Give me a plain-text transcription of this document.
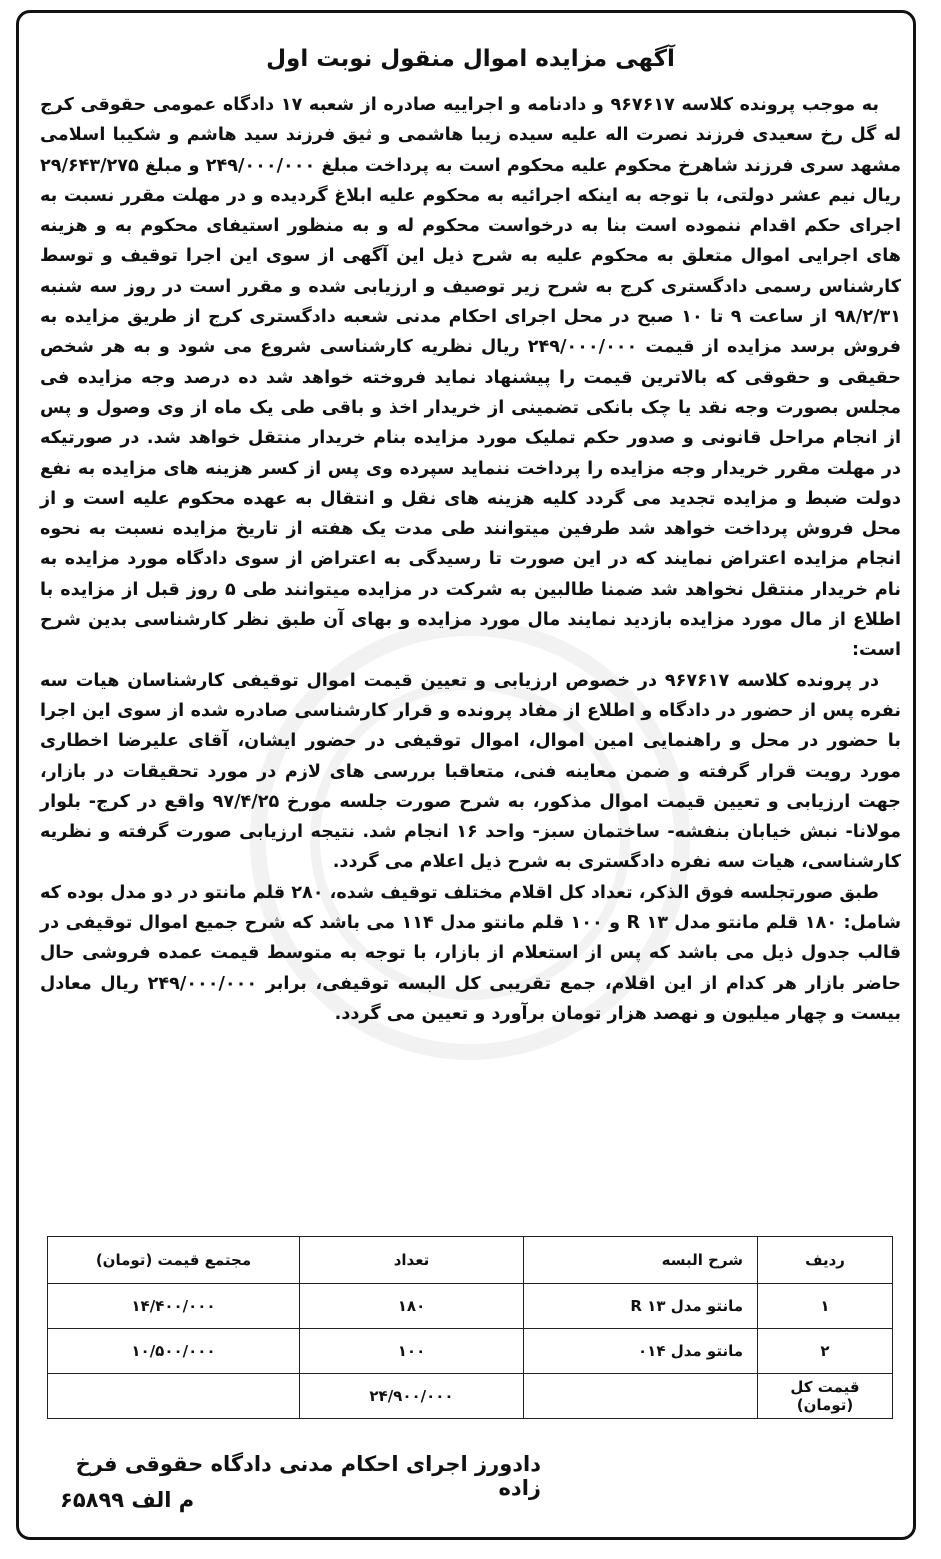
آگهی مزایده اموال منقول نوبت اول

به موجب پرونده کلاسه ۹۶۷۶۱۷ و دادنامه و اجراییه صادره از شعبه ۱۷ دادگاه عمومی حقوقی کرج له گل رخ سعیدی فرزند نصرت اله علیه سیده زیبا هاشمی و ثیق فرزند سید هاشم و شکیبا اسلامی مشهد سری فرزند شاهرخ محکوم علیه محکوم است به پرداخت مبلغ ۲۴۹/۰۰۰/۰۰۰ و مبلغ ۲۹/۶۴۳/۲۷۵ ریال نیم عشر دولتی، با توجه به اینکه اجرائیه به محکوم علیه ابلاغ گردیده و در مهلت مقرر نسبت به اجرای حکم اقدام ننموده است بنا به درخواست محکوم له و به منظور استیفای محکوم به و هزینه های اجرایی اموال متعلق به محکوم علیه به شرح ذیل این آگهی از سوی این اجرا توقیف و توسط کارشناس رسمی دادگستری کرج به شرح زیر توصیف و ارزیابی شده و مقرر است در روز سه شنبه ۹۸/۲/۳۱ از ساعت ۹ تا ۱۰ صبح در محل اجرای احکام مدنی شعبه دادگستری کرج از طریق مزایده به فروش برسد مزایده از قیمت ۲۴۹/۰۰۰/۰۰۰ ریال نظریه کارشناسی شروع می شود و به هر شخص حقیقی و حقوقی که بالاترین قیمت را پیشنهاد نماید فروخته خواهد شد ده درصد وجه مزایده فی مجلس بصورت وجه نقد یا چک بانکی تضمینی از خریدار اخذ و باقی طی یک ماه از وی وصول و پس از انجام مراحل قانونی و صدور حکم تملیک مورد مزایده بنام خریدار منتقل خواهد شد. در صورتیکه در مهلت مقرر خریدار وجه مزایده را پرداخت ننماید سپرده وی پس از کسر هزینه های مزایده به نفع دولت ضبط و مزایده تجدید می گردد کلیه هزینه های نقل و انتقال به عهده محکوم علیه است و از محل فروش پرداخت خواهد شد طرفین میتوانند طی مدت یک هفته از تاریخ مزایده نسبت به نحوه انجام مزایده اعتراض نمایند که در این صورت تا رسیدگی به اعتراض از سوی دادگاه مورد مزایده به نام خریدار منتقل نخواهد شد ضمنا طالبین به شرکت در مزایده میتوانند طی ۵ روز قبل از مزایده با اطلاع از مال مورد مزایده بازدید نمایند مال مورد مزایده و بهای آن طبق نظر کارشناسی بدین شرح است:

در پرونده کلاسه ۹۶۷۶۱۷ در خصوص ارزیابی و تعیین قیمت اموال توقیفی کارشناسان هیات سه نفره پس از حضور در دادگاه و اطلاع از مفاد پرونده و قرار کارشناسی صادره شده از سوی این اجرا با حضور در محل و راهنمایی امین اموال، اموال توقیفی در حضور ایشان، آقای علیرضا اخطاری مورد رویت قرار گرفته و ضمن معاینه فنی، متعاقبا بررسی های لازم در مورد تحقیقات در بازار، جهت ارزیابی و تعیین قیمت اموال مذکور، به شرح صورت جلسه مورخ ۹۷/۴/۲۵ واقع در کرج- بلوار مولانا- نبش خیابان بنفشه- ساختمان سبز- واحد ۱۶ انجام شد. نتیجه ارزیابی صورت گرفته و نظریه کارشناسی، هیات سه نفره دادگستری به شرح ذیل اعلام می گردد.

طبق صورتجلسه فوق الذکر، تعداد کل اقلام مختلف توقیف شده، ۲۸۰ قلم مانتو در دو مدل بوده که شامل: ۱۸۰ قلم مانتو مدل R ۱۳ و ۱۰۰ قلم مانتو مدل ۱۱۴ می باشد که شرح جمیع اموال توقیفی در قالب جدول ذیل می باشد که پس از استعلام از بازار، با توجه به متوسط قیمت عمده فروشی حال حاضر بازار هر کدام از این اقلام، جمع تقریبی کل البسه توقیفی، برابر ۲۴۹/۰۰۰/۰۰۰ ریال معادل بیست و چهار میلیون و نهصد هزار تومان برآورد و تعیین می گردد.

ردیف	شرح البسه	تعداد	مجتمع قیمت (تومان)
۱	مانتو مدل R ۱۳	۱۸۰	۱۴/۴۰۰/۰۰۰
۲	مانتو مدل ۰۱۴	۱۰۰	۱۰/۵۰۰/۰۰۰
قیمت کل (تومان)		۲۴/۹۰۰/۰۰۰	

دادورز اجرای احکام مدنی دادگاه حقوقی فرخ زاده

م الف ۶۵۸۹۹
